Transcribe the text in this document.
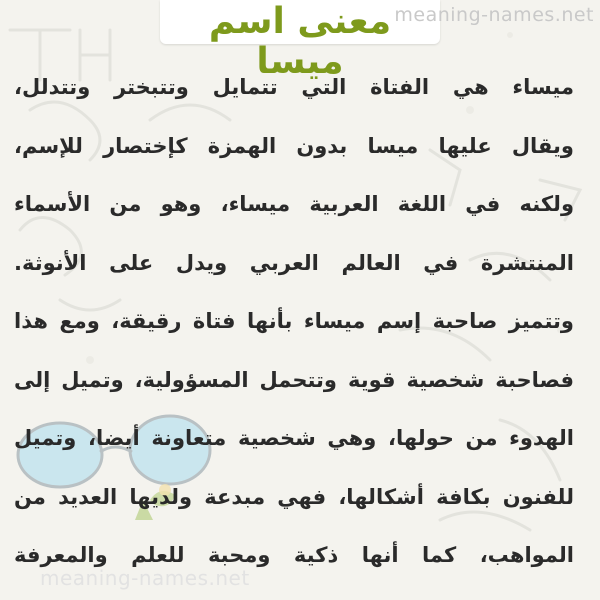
معنى اسم ميسا
meaning-names.net
ميساء هي الفتاة التي تتمايل وتتبختر وتتدلل،
ويقال عليها ميسا بدون الهمزة كإختصار للإسم،
ولكنه في اللغة العربية ميساء، وهو من الأسماء
المنتشرة في العالم العربي ويدل على الأنوثة.
وتتميز صاحبة إسم ميساء بأنها فتاة رقيقة، ومع هذا
فصاحبة شخصية قوية وتتحمل المسؤولية، وتميل إلى
الهدوء من حولها، وهي شخصية متعاونة أيضا، وتميل
للفنون بكافة أشكالها، فهي مبدعة ولديها العديد من
المواهب، كما أنها ذكية ومحبة للعلم والمعرفة
meaning-names.net
